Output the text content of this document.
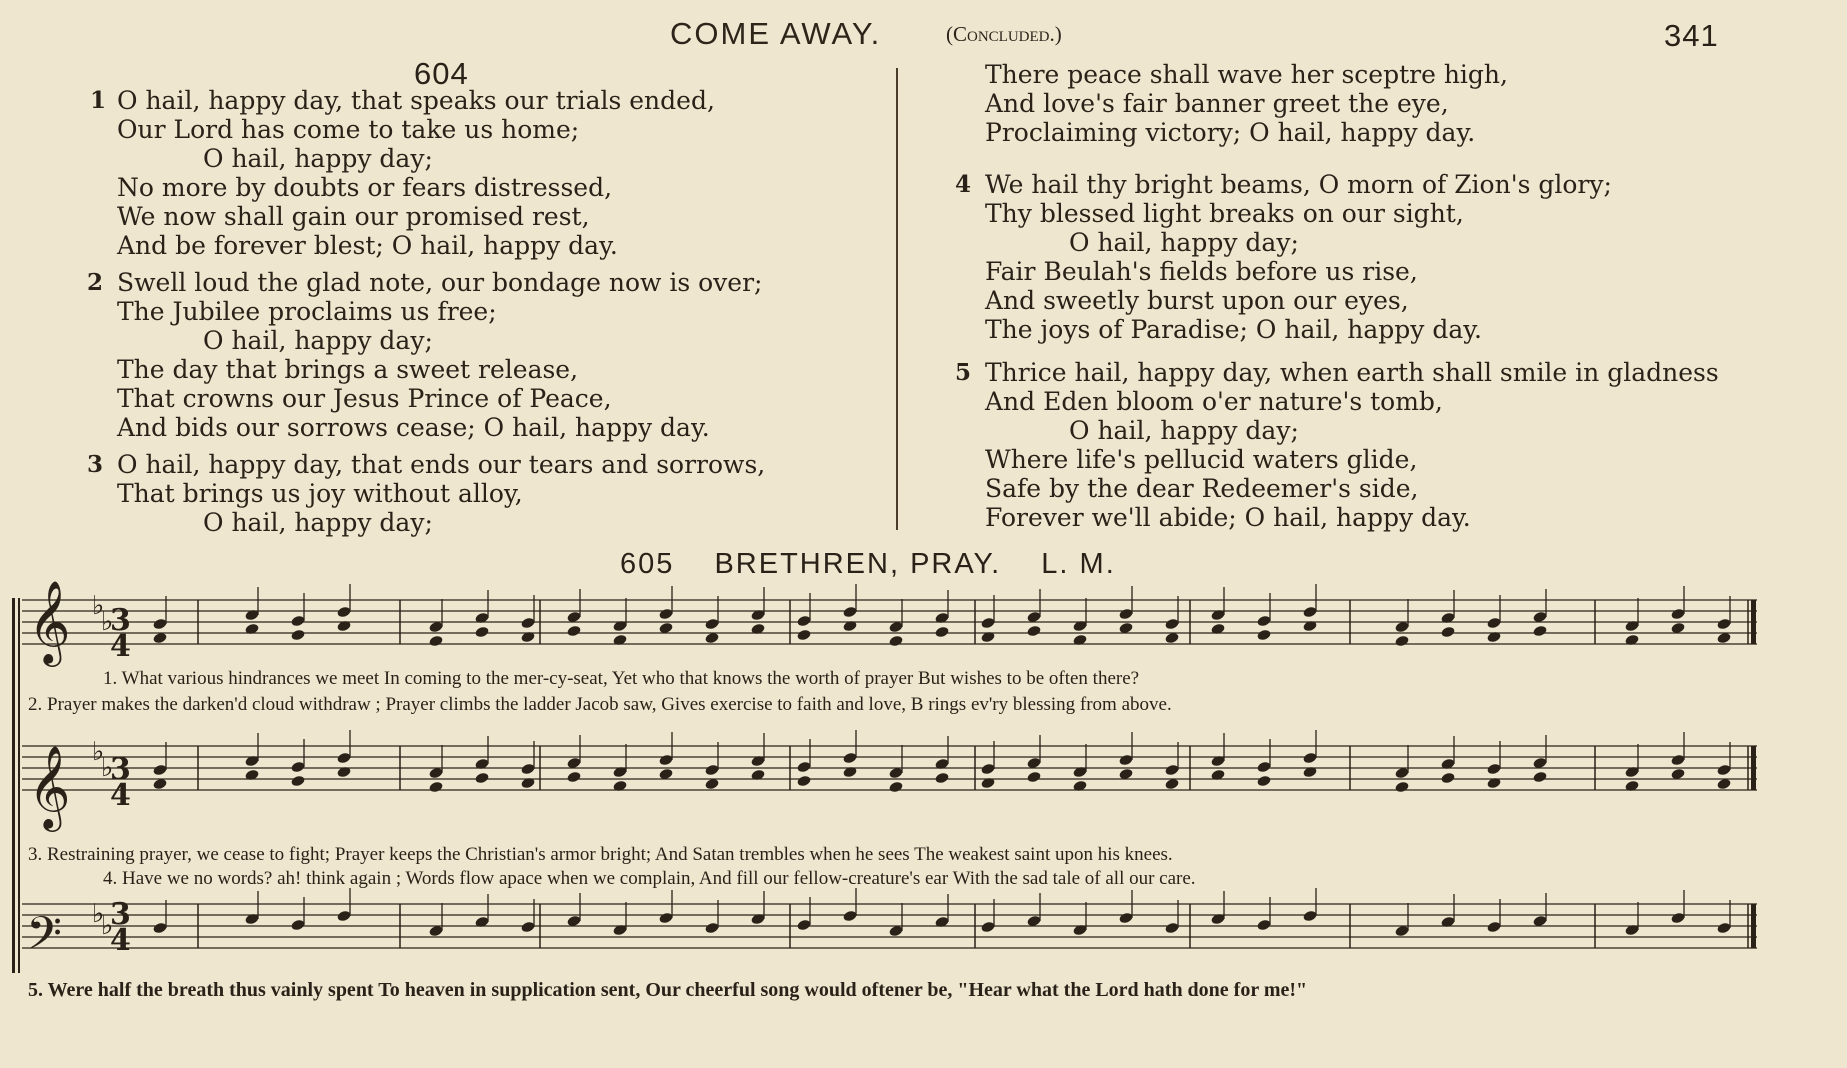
COME AWAY.	(Concluded.)	341
604
1 O hail, happy day, that speaks our trials ended,
Our Lord has come to take us home;
O hail, happy day;
No more by doubts or fears distressed,
We now shall gain our promised rest,
And be forever blest; O hail, happy day.
2 Swell loud the glad note, our bondage now is over;
The Jubilee proclaims us free;
O hail, happy day;
The day that brings a sweet release,
That crowns our Jesus Prince of Peace,
And bids our sorrows cease; O hail, happy day.
3 O hail, happy day, that ends our tears and sorrows,
That brings us joy without alloy,
O hail, happy day;
There peace shall wave her sceptre high,
And love's fair banner greet the eye,
Proclaiming victory; O hail, happy day.
4 We hail thy bright beams, O morn of Zion's glory;
Thy blessed light breaks on our sight,
O hail, happy day;
Fair Beulah's fields before us rise,
And sweetly burst upon our eyes,
The joys of Paradise; O hail, happy day.
5 Thrice hail, happy day, when earth shall smile in gladness
And Eden bloom o'er nature's tomb,
O hail, happy day;
Where life's pellucid waters glide,
Safe by the dear Redeemer's side,
Forever we'll abide; O hail, happy day.
605 BRETHREN, PRAY. L. M.
♭
♭
♭
♭
♭
♭
𝄞
𝄞
𝄢
3
4
3
4
3
4
1. What various hindrances we meet In coming to the mer-cy-seat, Yet who that knows the worth of prayer But wishes to be often there?
2. Prayer makes the darken'd cloud withdraw ; Prayer climbs the ladder Jacob saw, Gives exercise to faith and love, B rings ev'ry blessing from above.
3. Restraining prayer, we cease to fight; Prayer keeps the Christian's armor bright; And Satan trembles when he sees The weakest saint upon his knees.
4. Have we no words? ah! think again ; Words flow apace when we complain, And fill our fellow-creature's ear With the sad tale of all our care.
5. Were half the breath thus vainly spent To heaven in supplication sent, Our cheerful song would oftener be, "Hear what the Lord hath done for me!"
